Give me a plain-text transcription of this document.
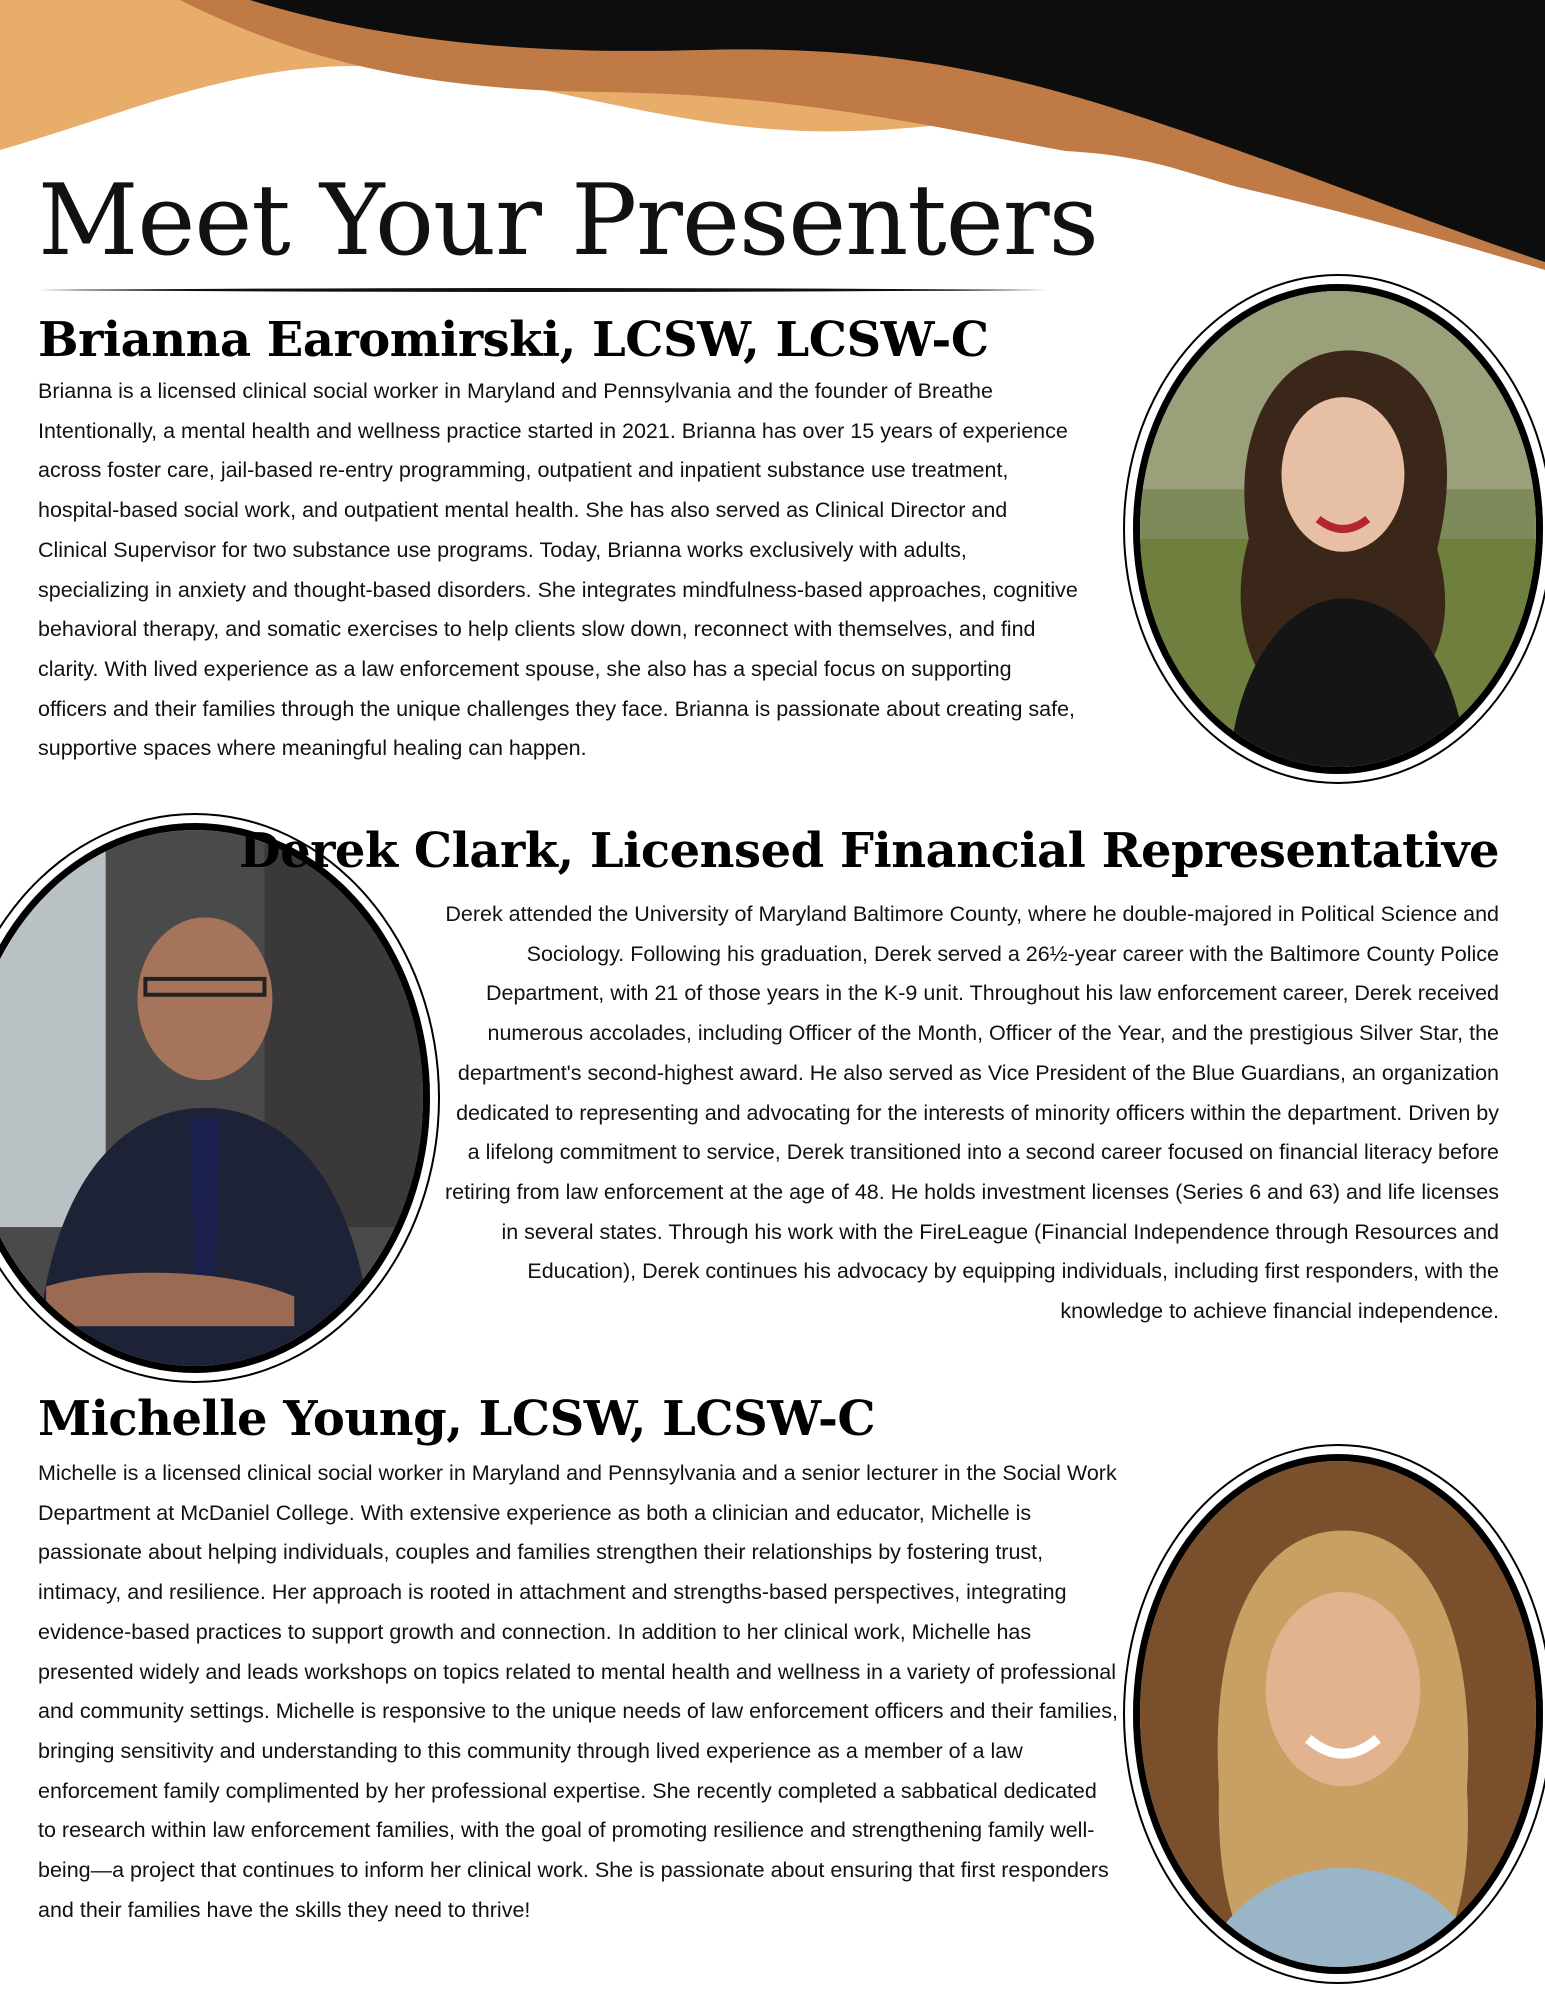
Meet Your Presenters
Brianna Earomirski, LCSW, LCSW-C

Brianna is a licensed clinical social worker in Maryland and Pennsylvania and the founder of Breathe Intentionally, a mental health and wellness practice started in 2021. Brianna has over 15 years of experience across foster care, jail-based re-entry programming, outpatient and inpatient substance use treatment, hospital-based social work, and outpatient mental health. She has also served as Clinical Director and Clinical Supervisor for two substance use programs. Today, Brianna works exclusively with adults, specializing in anxiety and thought-based disorders. She integrates mindfulness-based approaches, cognitive behavioral therapy, and somatic exercises to help clients slow down, reconnect with themselves, and find clarity. With lived experience as a law enforcement spouse, she also has a special focus on supporting officers and their families through the unique challenges they face. Brianna is passionate about creating safe, supportive spaces where meaningful healing can happen.

Derek Clark, Licensed Financial Representative

Derek attended the University of Maryland Baltimore County, where he double-majored in Political Science and Sociology. Following his graduation, Derek served a 26½-year career with the Baltimore County Police Department, with 21 of those years in the K-9 unit. Throughout his law enforcement career, Derek received numerous accolades, including Officer of the Month, Officer of the Year, and the prestigious Silver Star, the department's second-highest award. He also served as Vice President of the Blue Guardians, an organization dedicated to representing and advocating for the interests of minority officers within the department. Driven by a lifelong commitment to service, Derek transitioned into a second career focused on financial literacy before retiring from law enforcement at the age of 48. He holds investment licenses (Series 6 and 63) and life licenses in several states. Through his work with the FireLeague (Financial Independence through Resources and Education), Derek continues his advocacy by equipping individuals, including first responders, with the knowledge to achieve financial independence.

Michelle Young, LCSW, LCSW-C

Michelle is a licensed clinical social worker in Maryland and Pennsylvania and a senior lecturer in the Social Work Department at McDaniel College. With extensive experience as both a clinician and educator, Michelle is passionate about helping individuals, couples and families strengthen their relationships by fostering trust, intimacy, and resilience. Her approach is rooted in attachment and strengths-based perspectives, integrating evidence-based practices to support growth and connection. In addition to her clinical work, Michelle has presented widely and leads workshops on topics related to mental health and wellness in a variety of professional and community settings. Michelle is responsive to the unique needs of law enforcement officers and their families, bringing sensitivity and understanding to this community through lived experience as a member of a law enforcement family complimented by her professional expertise. She recently completed a sabbatical dedicated to research within law enforcement families, with the goal of promoting resilience and strengthening family well-being—a project that continues to inform her clinical work. She is passionate about ensuring that first responders and their families have the skills they need to thrive!
